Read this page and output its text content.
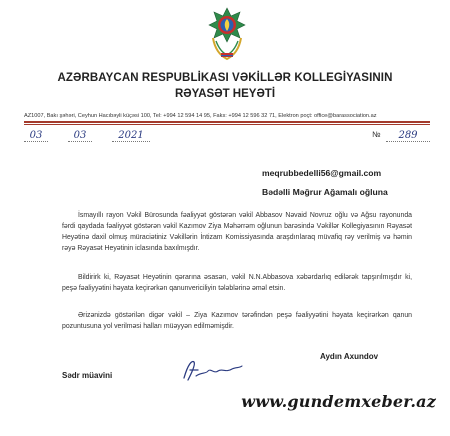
AZƏRBAYCAN RESPUBLİKASI VƏKİLLƏR KOLLEGİYASININ
RƏYASƏT HEYƏTİ
AZ1007, Bakı şəhəri, Ceyhun Hacıbəyli küçəsi 100, Tel: +994 12 594 14 95, Faks: +994 12 596 32 71, Elektron poçt: office@barassociation.az
03	03	2021	№	289
meqrubbedelli56@gmail.com
Bədəlli Məğrur Ağamalı oğluna

İsmayıllı rayon Vəkil Bürosunda fəaliyyət göstərən vəkil Abbasov Nəvaid Novruz oğlu və Ağsu rayonunda fərdi qaydada fəaliyyət göstərən vəkil Kazımov Ziya Məhərrəm oğlunun barəsində Vəkillər Kollegiyasının Rəyasət Heyətinə daxil olmuş müraciətiniz Vəkillərin İntizam Komissiyasında araşdırılaraq müvafiq rəy verilmiş və həmin rəyə Rəyasət Heyətinin iclasında baxılmışdır.

Bildirirk ki, Rəyasət Heyətinin qərarına əsasən, vəkil N.N.Abbasova xəbərdarlıq edilərək tapşırılmışdır ki, peşə fəaliyyətini həyata keçirərkən qanunvericiliyin tələblərinə əməl etsin.

Ərizənizdə göstərilən digər vəkil – Ziya Kazımov tərəfindən peşə fəaliyyətini həyata keçirərkən qanun pozuntusuna yol verilməsi halları müəyyən edilməmişdir.

Sədr müavini
Aydın Axundov
www.gundemxeber.az
